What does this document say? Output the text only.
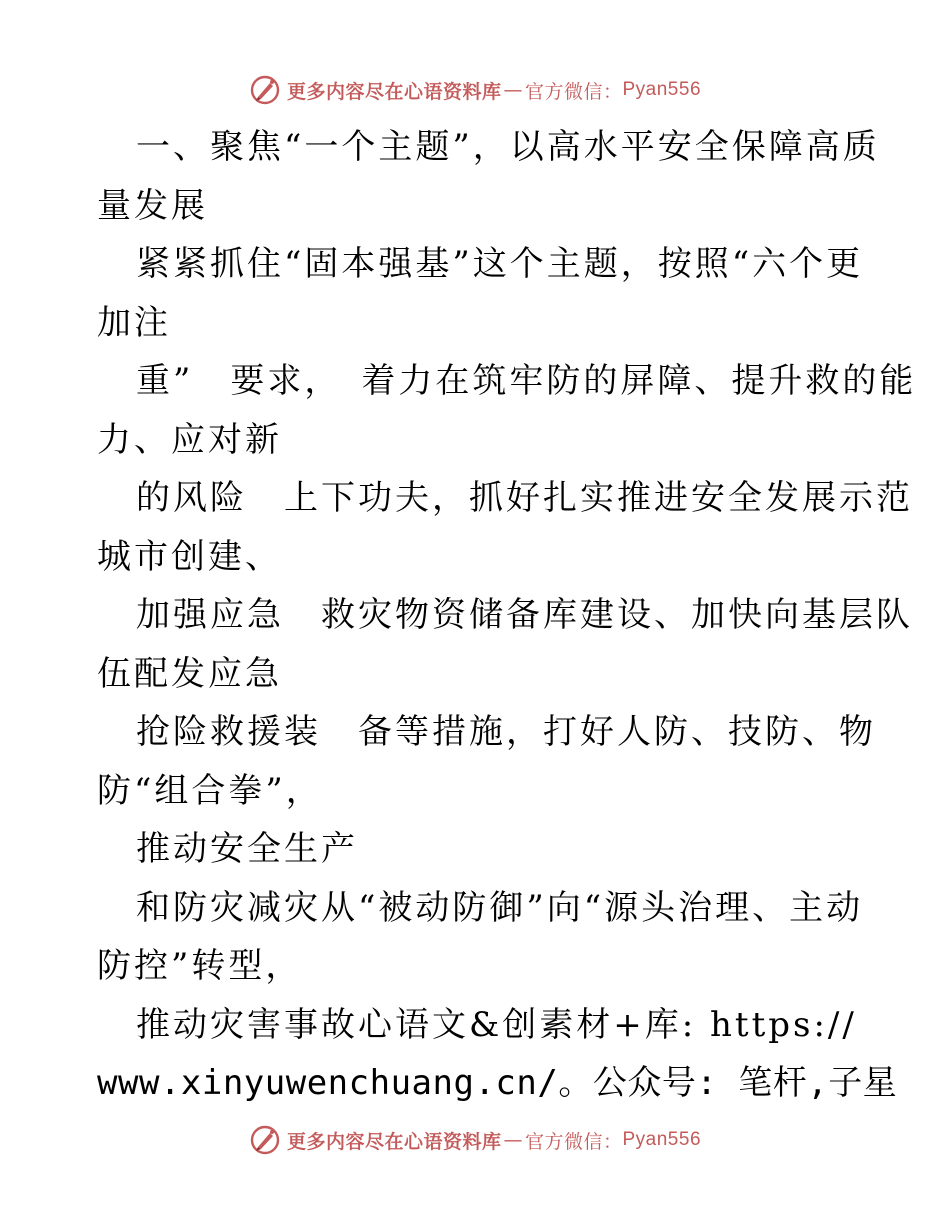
更多内容尽在心语资料库 — 官方微信： Pyan556
一、聚焦“一个主题”，以高水平安全保障高质
量发展
紧紧抓住“固本强基”这个主题，按照“六个更
加注
重”　要求，　着力在筑牢防的屏障、提升救的能
力、应对新
的风险　上下功夫，抓好扎实推进安全发展示范
城市创建、
加强应急　救灾物资储备库建设、加快向基层队
伍配发应急
抢险救援装　备等措施，打好人防、技防、物
防“组合拳”，
推动安全生产
和防灾减灾从“被动防御”向“源头治理、主动
防控”转型，
推动灾害事故心语文&创素材+库: https://
www.xinyuwenchuang.cn/。公众号: 笔杆,子星
更多内容尽在心语资料库 — 官方微信： Pyan556
